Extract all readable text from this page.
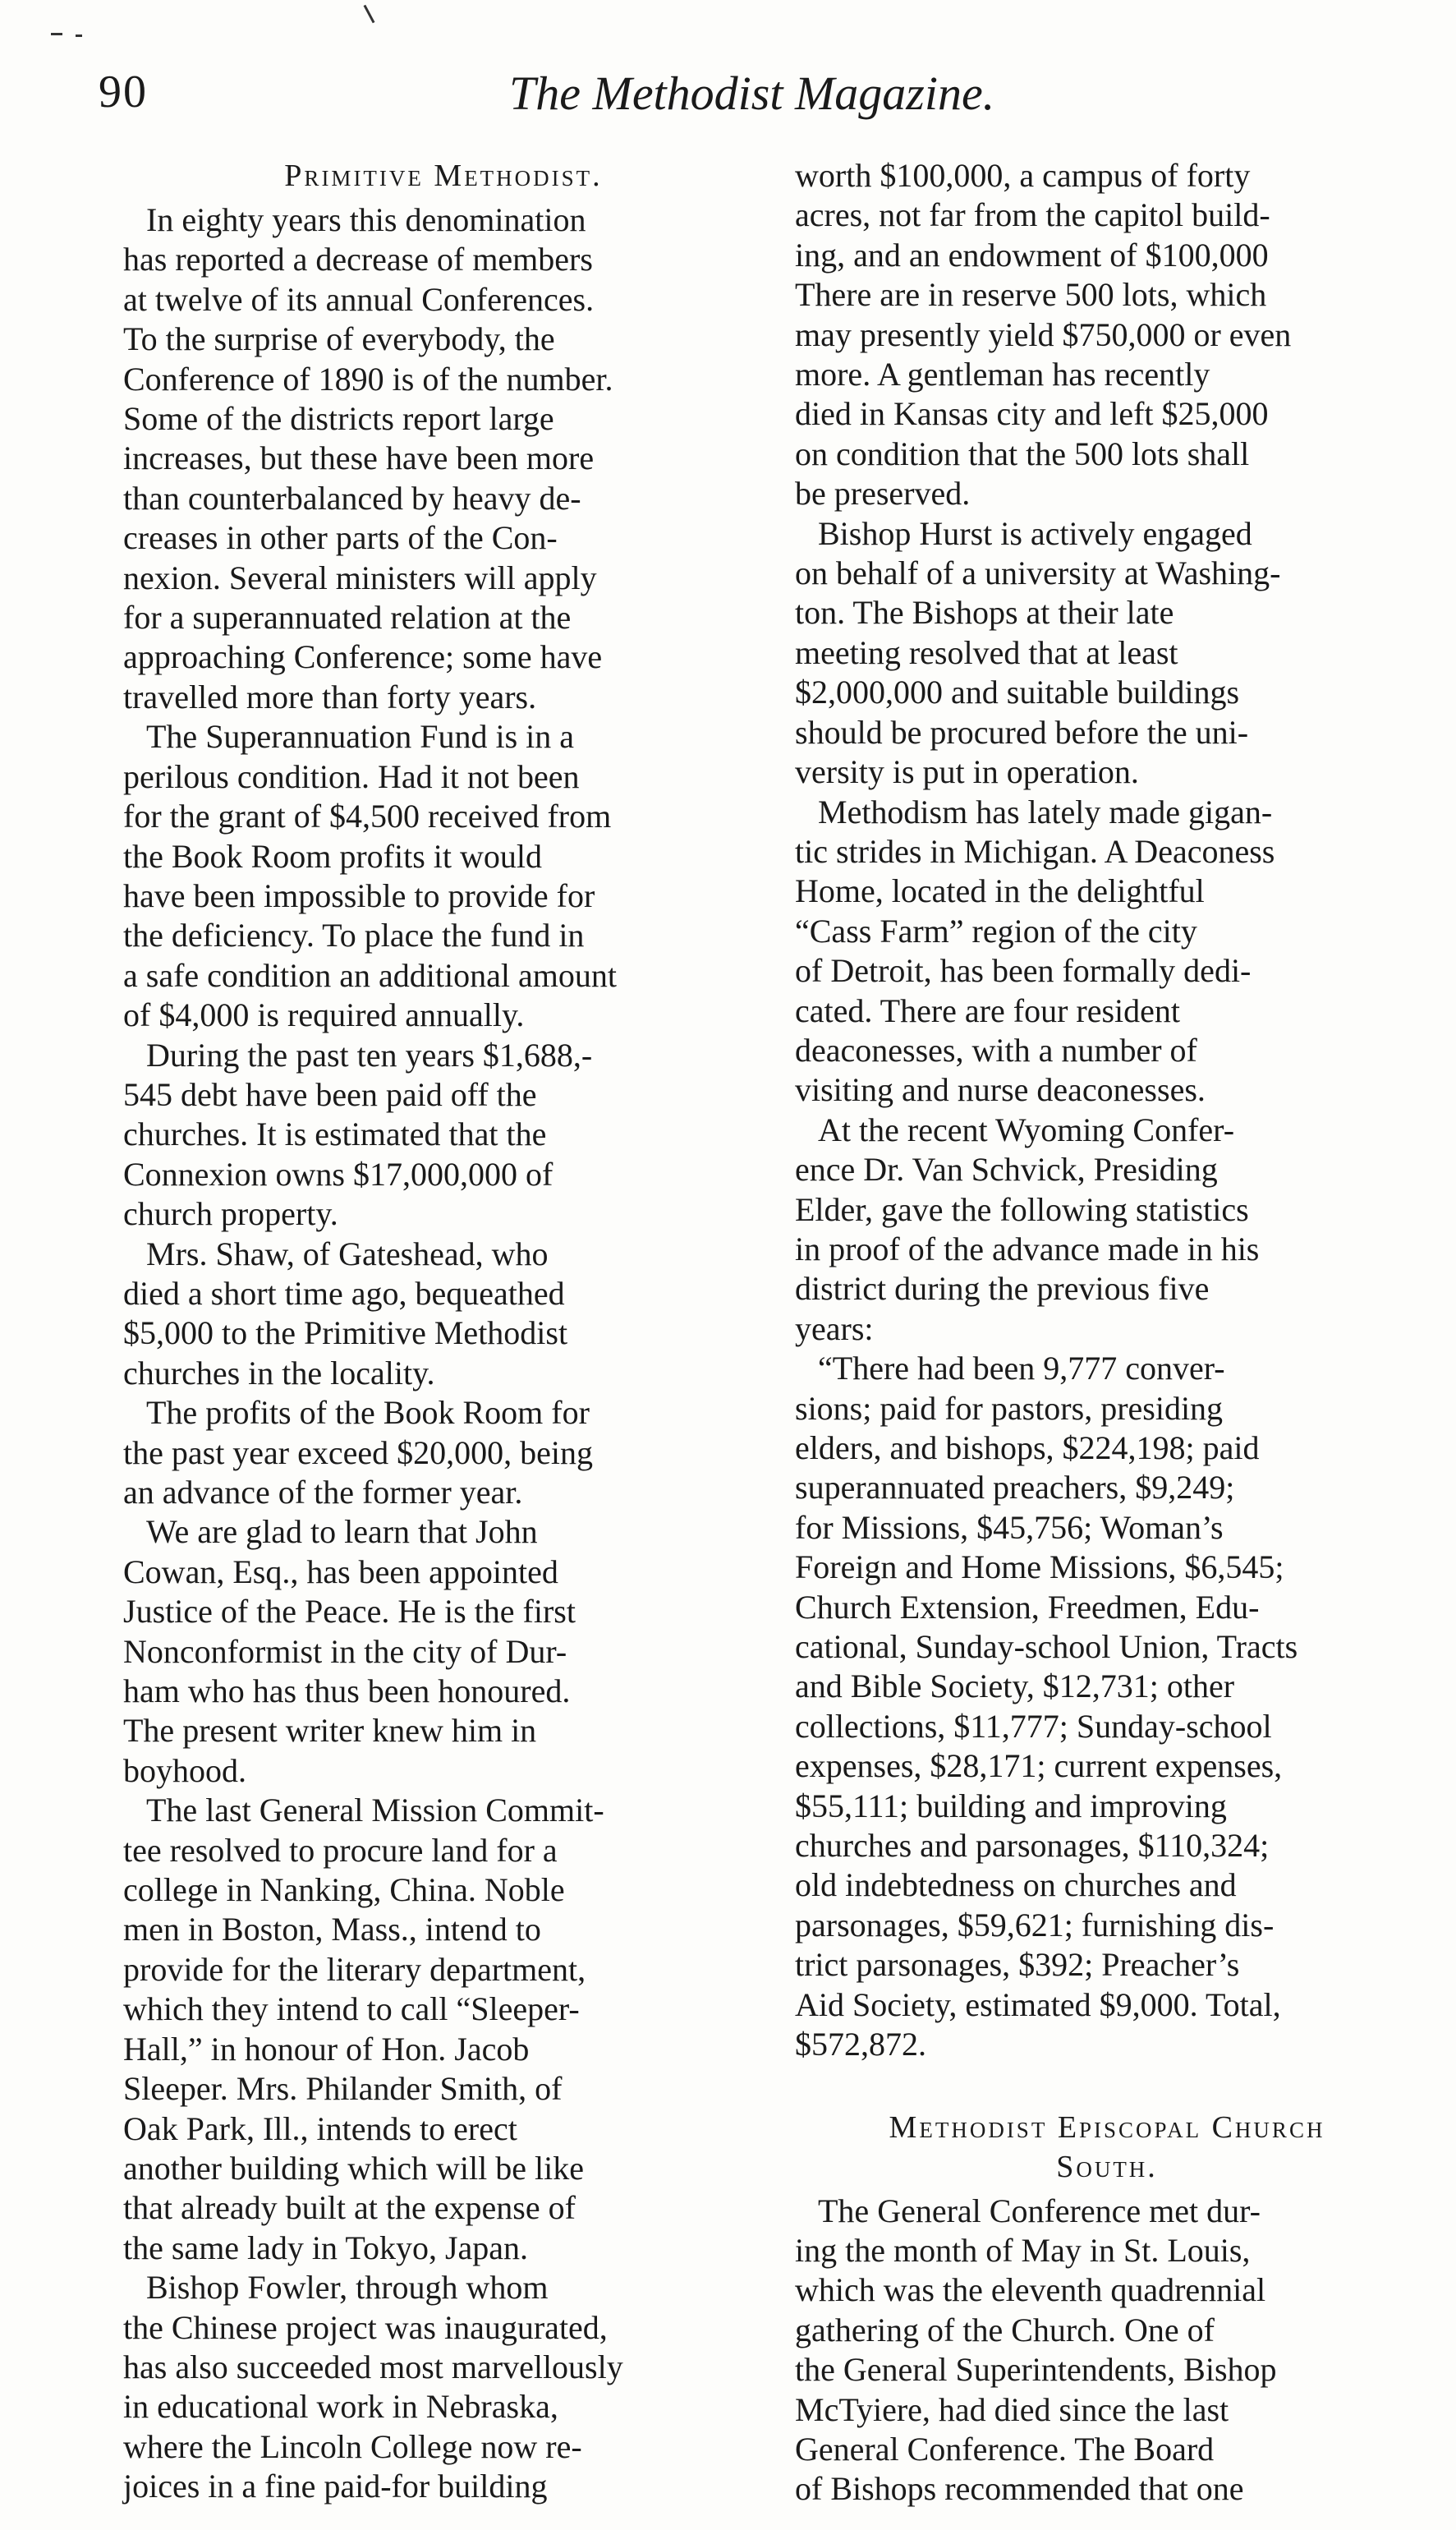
90	The Methodist Magazine.
Primitive Methodist.

In eighty years this denomination
has reported a decrease of members
at twelve of its annual Conferences.
To the surprise of everybody, the
Conference of 1890 is of the number.
Some of the districts report large
increases, but these have been more
than counterbalanced by heavy de-
creases in other parts of the Con-
nexion. Several ministers will apply
for a superannuated relation at the
approaching Conference; some have
travelled more than forty years.

The Superannuation Fund is in a
perilous condition. Had it not been
for the grant of $4,500 received from
the Book Room profits it would
have been impossible to provide for
the deficiency. To place the fund in
a safe condition an additional amount
of $4,000 is required annually.

During the past ten years $1,688,-
545 debt have been paid off the
churches. It is estimated that the
Connexion owns $17,000,000 of
church property.

Mrs. Shaw, of Gateshead, who
died a short time ago, bequeathed
$5,000 to the Primitive Methodist
churches in the locality.

The profits of the Book Room for
the past year exceed $20,000, being
an advance of the former year.

We are glad to learn that John
Cowan, Esq., has been appointed
Justice of the Peace. He is the first
Nonconformist in the city of Dur-
ham who has thus been honoured.
The present writer knew him in
boyhood.

The last General Mission Commit-
tee resolved to procure land for a
college in Nanking, China. Noble
men in Boston, Mass., intend to
provide for the literary department,
which they intend to call “Sleeper-
Hall,” in honour of Hon. Jacob
Sleeper. Mrs. Philander Smith, of
Oak Park, Ill., intends to erect
another building which will be like
that already built at the expense of
the same lady in Tokyo, Japan.

Bishop Fowler, through whom
the Chinese project was inaugurated,
has also succeeded most marvellously
in educational work in Nebraska,
where the Lincoln College now re-
joices in a fine paid-for building

worth $100,000, a campus of forty
acres, not far from the capitol build-
ing, and an endowment of $100,000
There are in reserve 500 lots, which
may presently yield $750,000 or even
more. A gentleman has recently
died in Kansas city and left $25,000
on condition that the 500 lots shall
be preserved.

Bishop Hurst is actively engaged
on behalf of a university at Washing-
ton. The Bishops at their late
meeting resolved that at least
$2,000,000 and suitable buildings
should be procured before the uni-
versity is put in operation.

Methodism has lately made gigan-
tic strides in Michigan. A Deaconess
Home, located in the delightful
“Cass Farm” region of the city
of Detroit, has been formally dedi-
cated. There are four resident
deaconesses, with a number of
visiting and nurse deaconesses.

At the recent Wyoming Confer-
ence Dr. Van Schvick, Presiding
Elder, gave the following statistics
in proof of the advance made in his
district during the previous five
years:

“There had been 9,777 conver-
sions; paid for pastors, presiding
elders, and bishops, $224,198; paid
superannuated preachers, $9,249;
for Missions, $45,756; Woman’s
Foreign and Home Missions, $6,545;
Church Extension, Freedmen, Edu-
cational, Sunday-school Union, Tracts
and Bible Society, $12,731; other
collections, $11,777; Sunday-school
expenses, $28,171; current expenses,
$55,111; building and improving
churches and parsonages, $110,324;
old indebtedness on churches and
parsonages, $59,621; furnishing dis-
trict parsonages, $392; Preacher’s
Aid Society, estimated $9,000. Total,
$572,872.

Methodist Episcopal Church
South.

The General Conference met dur-
ing the month of May in St. Louis,
which was the eleventh quadrennial
gathering of the Church. One of
the General Superintendents, Bishop
McTyiere, had died since the last
General Conference. The Board
of Bishops recommended that one
